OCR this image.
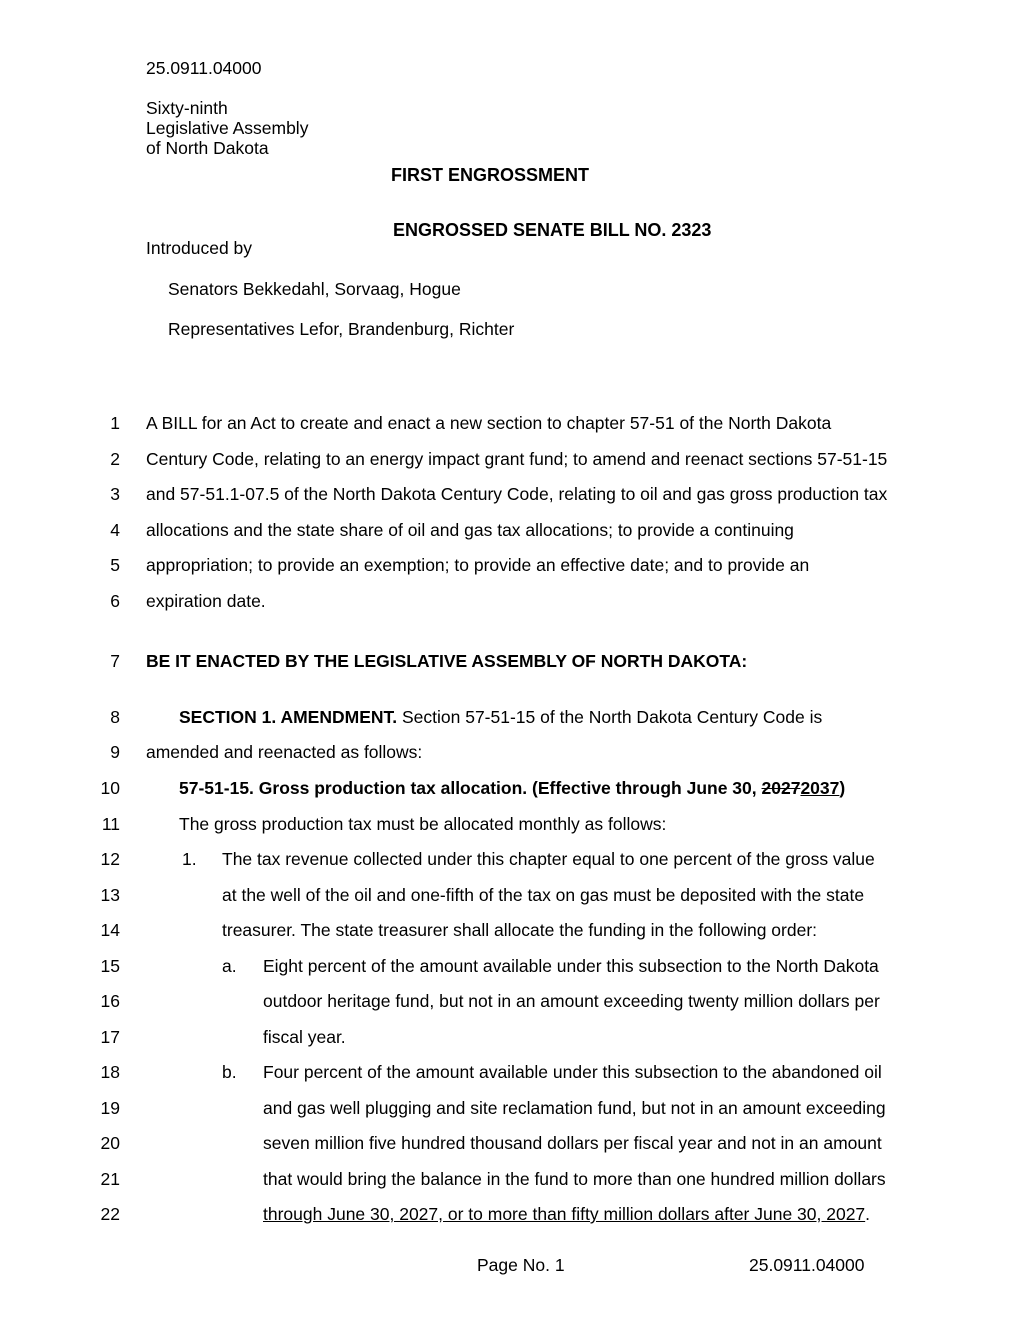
25.0911.04000
Sixty-ninth
Legislative Assembly
of North Dakota
FIRST ENGROSSMENT
ENGROSSED SENATE BILL NO. 2323
Introduced by
Senators Bekkedahl, Sorvaag, Hogue
Representatives Lefor, Brandenburg, Richter
1
2
3
4
5
6
7
8
9
10
11
12
13
14
15
16
17
18
19
20
21
22
A BILL for an Act to create and enact a new section to chapter 57-51 of the North Dakota
Century Code, relating to an energy impact grant fund; to amend and reenact sections 57-51-15
and 57-51.1-07.5 of the North Dakota Century Code, relating to oil and gas gross production tax
allocations and the state share of oil and gas tax allocations; to provide a continuing
appropriation; to provide an exemption; to provide an effective date; and to provide an
expiration date.
BE IT ENACTED BY THE LEGISLATIVE ASSEMBLY OF NORTH DAKOTA:
SECTION 1. AMENDMENT. Section 57-51-15 of the North Dakota Century Code is
amended and reenacted as follows:
57-51-15. Gross production tax allocation. (Effective through June 30, 20272037)
The gross production tax must be allocated monthly as follows:
1. The tax revenue collected under this chapter equal to one percent of the gross value
at the well of the oil and one-fifth of the tax on gas must be deposited with the state
treasurer. The state treasurer shall allocate the funding in the following order:
a. Eight percent of the amount available under this subsection to the North Dakota
outdoor heritage fund, but not in an amount exceeding twenty million dollars per
fiscal year.
b. Four percent of the amount available under this subsection to the abandoned oil
and gas well plugging and site reclamation fund, but not in an amount exceeding
seven million five hundred thousand dollars per fiscal year and not in an amount
that would bring the balance in the fund to more than one hundred million dollars
through June 30, 2027, or to more than fifty million dollars after June 30, 2027.
Page No. 1	25.0911.04000
